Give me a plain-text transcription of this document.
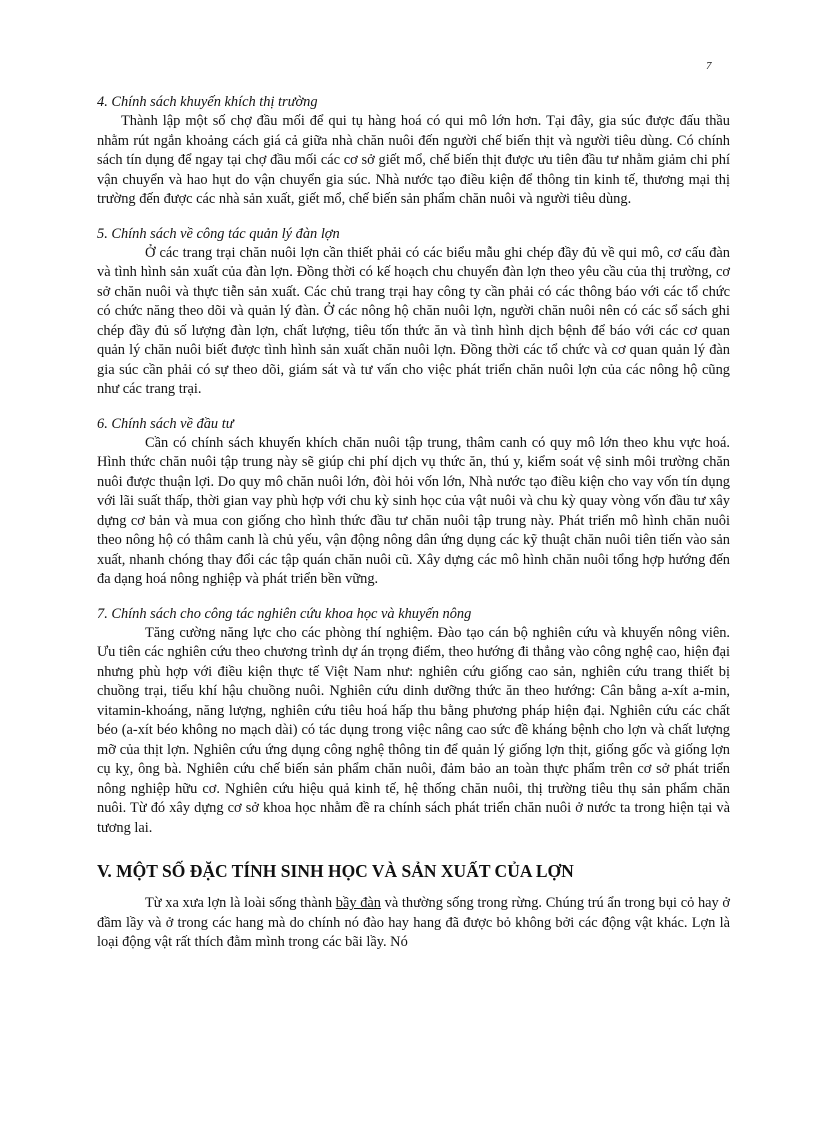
7

4. Chính sách khuyến khích thị trường

Thành lập một số chợ đầu mối để qui tụ hàng hoá có qui mô lớn hơn. Tại đây, gia súc được đấu thầu nhằm rút ngắn khoảng cách giá cả giữa nhà chăn nuôi đến người chế biến thịt và người tiêu dùng. Có chính sách tín dụng để ngay tại chợ đầu mối các cơ sở giết mổ, chế biến thịt được ưu tiên đầu tư nhằm giảm chi phí vận chuyển và hao hụt do vận chuyển gia súc. Nhà nước tạo điều kiện để thông tin kinh tế, thương mại thị trường đến được các nhà sản xuất, giết mổ, chế biến sản phẩm chăn nuôi và người tiêu dùng.

5. Chính sách về công tác quản lý đàn lợn

Ở các trang trại chăn nuôi lợn cần thiết phải có các biểu mẫu ghi chép đầy đủ về qui mô, cơ cấu đàn và tình hình sản xuất của đàn lợn. Đồng thời có kế hoạch chu chuyển đàn lợn theo yêu cầu của thị trường, cơ sở chăn nuôi và thực tiễn sản xuất. Các chủ trang trại hay công ty cần phải có các thông báo với các tổ chức có chức năng theo dõi và quản lý đàn. Ở các nông hộ chăn nuôi lợn, người chăn nuôi nên có các sổ sách ghi chép đầy đủ số lượng đàn lợn, chất lượng, tiêu tốn thức ăn và tình hình dịch bệnh để báo với các cơ quan quản lý chăn nuôi biết được tình hình sản xuất chăn nuôi lợn. Đồng thời các tổ chức và cơ quan quản lý đàn gia súc cần phải có sự theo dõi, giám sát và tư vấn cho việc phát triển chăn nuôi lợn của các nông hộ cũng như các trang trại.

6. Chính sách về đầu tư

Cần có chính sách khuyến khích chăn nuôi tập trung, thâm canh có quy mô lớn theo khu vực hoá. Hình thức chăn nuôi tập trung này sẽ giúp chi phí dịch vụ thức ăn, thú y, kiểm soát vệ sinh môi trường chăn nuôi được thuận lợi. Do quy mô chăn nuôi lớn, đòi hỏi vốn lớn, Nhà nước tạo điều kiện cho vay vốn tín dụng với lãi suất thấp, thời gian vay phù hợp với chu kỳ sinh học của vật nuôi và chu kỳ quay vòng vốn đầu tư xây dựng cơ bản và mua con giống cho hình thức đầu tư chăn nuôi tập trung này. Phát triển mô hình chăn nuôi theo nông hộ có thâm canh là chủ yếu, vận động nông dân ứng dụng các kỹ thuật chăn nuôi tiên tiến vào sản xuất, nhanh chóng thay đổi các tập quán chăn nuôi cũ. Xây dựng các mô hình chăn nuôi tổng hợp hướng đến đa dạng hoá nông nghiệp và phát triển bền vững.

7. Chính sách cho công tác nghiên cứu khoa học và khuyến nông

Tăng cường năng lực cho các phòng thí nghiệm. Đào tạo cán bộ nghiên cứu và khuyến nông viên. Ưu tiên các nghiên cứu theo chương trình dự án trọng điểm, theo hướng đi thẳng vào công nghệ cao, hiện đại nhưng phù hợp với điều kiện thực tế Việt Nam như: nghiên cứu giống cao sản, nghiên cứu trang thiết bị chuồng trại, tiểu khí hậu chuồng nuôi. Nghiên cứu dinh dưỡng thức ăn theo hướng: Cân bằng a-xít a-min, vitamin-khoáng, năng lượng, nghiên cứu tiêu hoá hấp thu bằng phương pháp hiện đại. Nghiên cứu các chất béo (a-xít béo không no mạch dài) có tác dụng trong việc nâng cao sức đề kháng bệnh cho lợn và chất lượng mỡ của thịt lợn. Nghiên cứu ứng dụng công nghệ thông tin để quản lý giống lợn thịt, giống gốc và giống lợn cụ kỵ, ông bà. Nghiên cứu chế biến sản phẩm chăn nuôi, đảm bảo an toàn thực phẩm trên cơ sở phát triển nông nghiệp hữu cơ. Nghiên cứu hiệu quả kinh tế, hệ thống chăn nuôi, thị trường tiêu thụ sản phẩm chăn nuôi. Từ đó xây dựng cơ sở khoa học nhằm đề ra chính sách phát triển chăn nuôi ở nước ta trong hiện tại và tương lai.

V. MỘT SỐ ĐẶC TÍNH SINH HỌC VÀ SẢN XUẤT CỦA LỢN

Từ xa xưa lợn là loài sống thành bầy đàn và thường sống trong rừng. Chúng trú ẩn trong bụi cỏ hay ở đầm lầy và ở trong các hang mà do chính nó đào hay hang đã được bỏ không bởi các động vật khác. Lợn là loại động vật rất thích đằm mình trong các bãi lầy. Nó
